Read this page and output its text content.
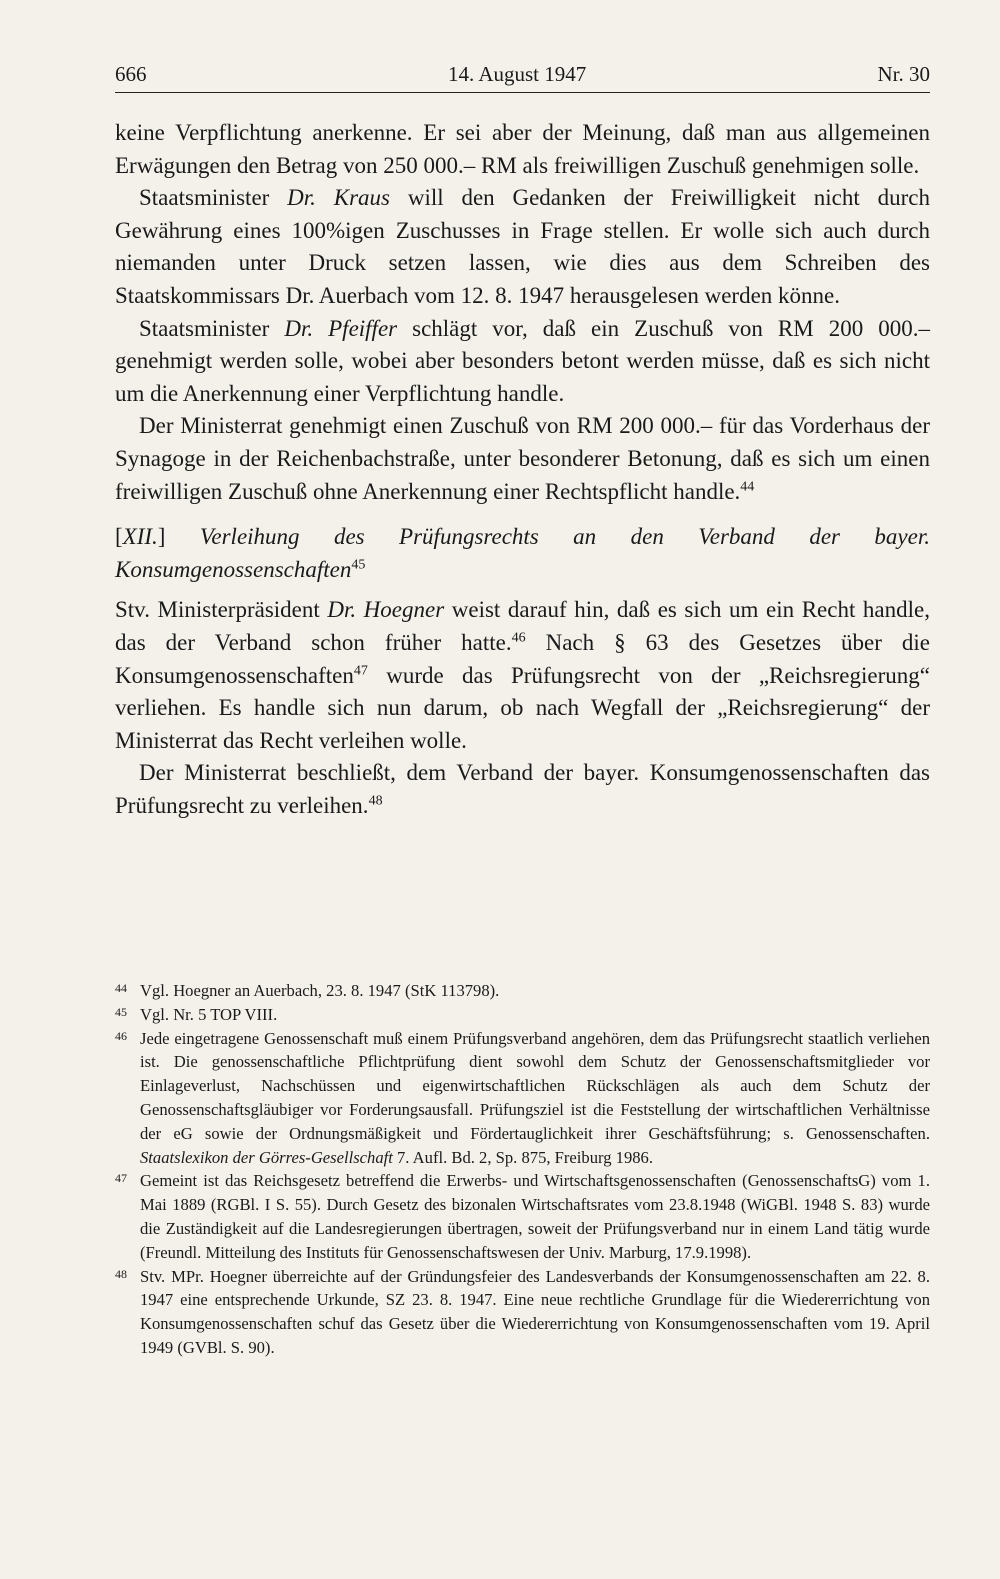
666	14. August 1947	Nr. 30

keine Verpflichtung anerkenne. Er sei aber der Meinung, daß man aus allgemeinen Erwägungen den Betrag von 250 000.– RM als freiwilligen Zuschuß genehmigen solle.

Staatsminister Dr. Kraus will den Gedanken der Freiwilligkeit nicht durch Gewährung eines 100%igen Zuschusses in Frage stellen. Er wolle sich auch durch niemanden unter Druck setzen lassen, wie dies aus dem Schreiben des Staatskommissars Dr. Auerbach vom 12. 8. 1947 herausgelesen werden könne.

Staatsminister Dr. Pfeiffer schlägt vor, daß ein Zuschuß von RM 200 000.– genehmigt werden solle, wobei aber besonders betont werden müsse, daß es sich nicht um die Anerkennung einer Verpflichtung handle.

Der Ministerrat genehmigt einen Zuschuß von RM 200 000.– für das Vorderhaus der Synagoge in der Reichenbachstraße, unter besonderer Betonung, daß es sich um einen freiwilligen Zuschuß ohne Anerkennung einer Rechtspflicht handle.$^{44}$

[XII.] Verleihung des Prüfungsrechts an den Verband der bayer. Konsumgenossenschaften$^{45}$

Stv. Ministerpräsident Dr. Hoegner weist darauf hin, daß es sich um ein Recht handle, das der Verband schon früher hatte.$^{46}$ Nach § 63 des Gesetzes über die Konsumgenossenschaften$^{47}$ wurde das Prüfungsrecht von der „Reichsregierung“ verliehen. Es handle sich nun darum, ob nach Wegfall der „Reichsregierung“ der Ministerrat das Recht verleihen wolle.

Der Ministerrat beschließt, dem Verband der bayer. Konsumgenossenschaften das Prüfungsrecht zu verleihen.$^{48}$

44 Vgl. Hoegner an Auerbach, 23. 8. 1947 (StK 113798).
45 Vgl. Nr. 5 TOP VIII.
46 Jede eingetragene Genossenschaft muß einem Prüfungsverband angehören, dem das Prüfungsrecht staatlich verliehen ist. Die genossenschaftliche Pflichtprüfung dient sowohl dem Schutz der Genossenschaftsmitglieder vor Einlageverlust, Nachschüssen und eigenwirtschaftlichen Rückschlägen als auch dem Schutz der Genossenschaftsgläubiger vor Forderungsausfall. Prüfungsziel ist die Feststellung der wirtschaftlichen Verhältnisse der eG sowie der Ordnungsmäßigkeit und Fördertauglichkeit ihrer Geschäftsführung; s. Genossenschaften. Staatslexikon der Görres-Gesellschaft 7. Aufl. Bd. 2, Sp. 875, Freiburg 1986.
47 Gemeint ist das Reichsgesetz betreffend die Erwerbs- und Wirtschaftsgenossenschaften (GenossenschaftsG) vom 1. Mai 1889 (RGBl. I S. 55). Durch Gesetz des bizonalen Wirtschaftsrates vom 23.8.1948 (WiGBl. 1948 S. 83) wurde die Zuständigkeit auf die Landesregierungen übertragen, soweit der Prüfungsverband nur in einem Land tätig wurde (Freundl. Mitteilung des Instituts für Genossenschaftswesen der Univ. Marburg, 17.9.1998).
48 Stv. MPr. Hoegner überreichte auf der Gründungsfeier des Landesverbands der Konsumgenossenschaften am 22. 8. 1947 eine entsprechende Urkunde, SZ 23. 8. 1947. Eine neue rechtliche Grundlage für die Wiedererrichtung von Konsumgenossenschaften schuf das Gesetz über die Wiedererrichtung von Konsumgenossenschaften vom 19. April 1949 (GVBl. S. 90).
